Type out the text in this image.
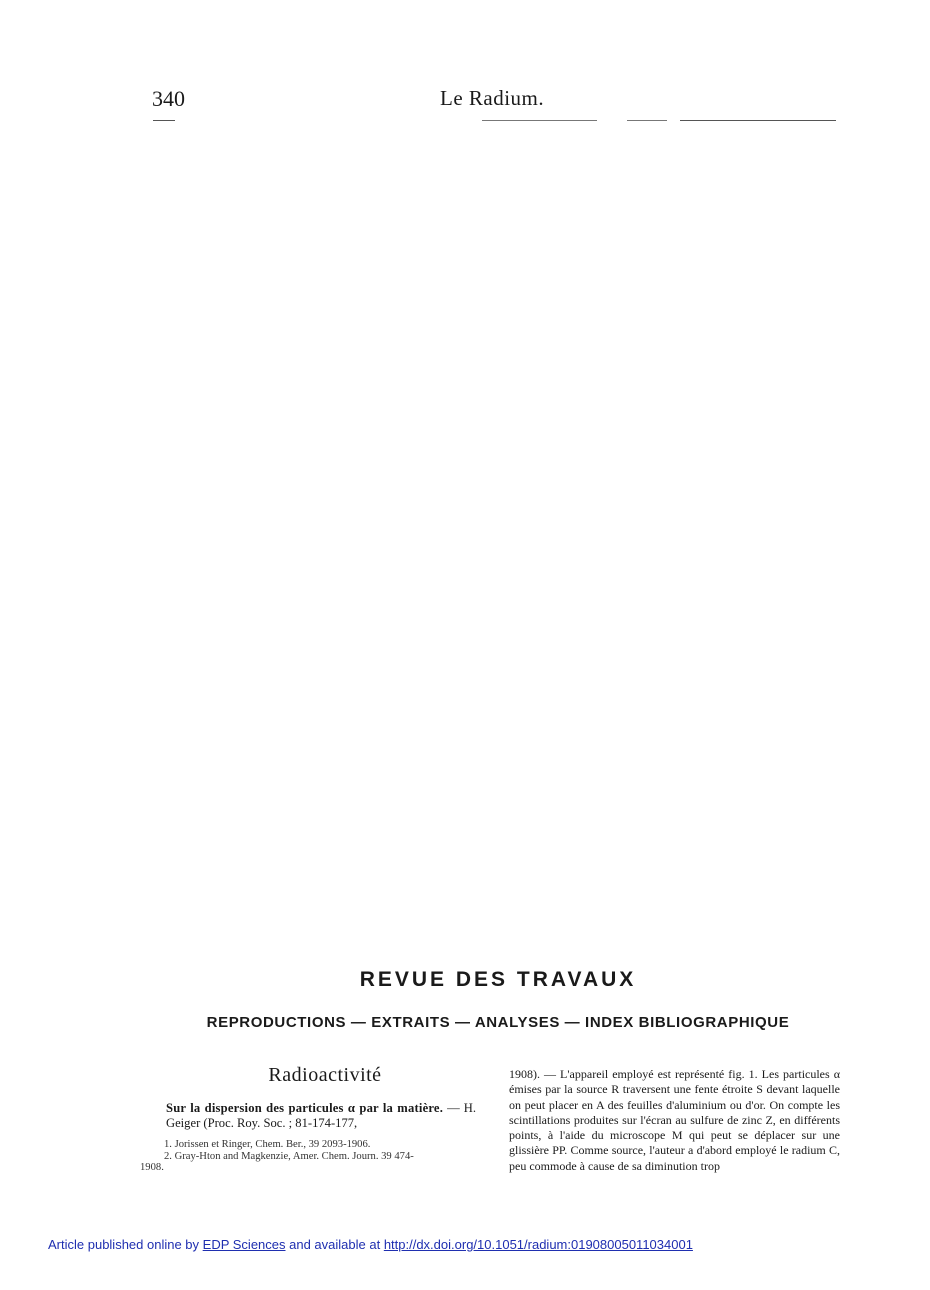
340	Le Radium.
REVUE DES TRAVAUX
REPRODUCTIONS — EXTRAITS — ANALYSES — INDEX BIBLIOGRAPHIQUE
Radioactivité
Sur la dispersion des particules α par la matière. — H. Geiger (Proc. Roy. Soc. ; 81-174-177,
1. Jorissen et Ringer, Chem. Ber., 39 2093-1906.
2. Gray-Hton and Magkenzie, Amer. Chem. Journ. 39 474-
1908.
1908). — L'appareil employé est représenté fig. 1. Les particules α émises par la source R traversent une fente étroite S devant laquelle on peut placer en A des feuilles d'aluminium ou d'or. On compte les scintillations produites sur l'écran au sulfure de zinc Z, en différents points, à l'aide du microscope M qui peut se déplacer sur une glissière PP. Comme source, l'auteur a d'abord employé le radium C, peu commode à cause de sa diminution trop
Article published online by EDP Sciences and available at http://dx.doi.org/10.1051/radium:01908005011034001
